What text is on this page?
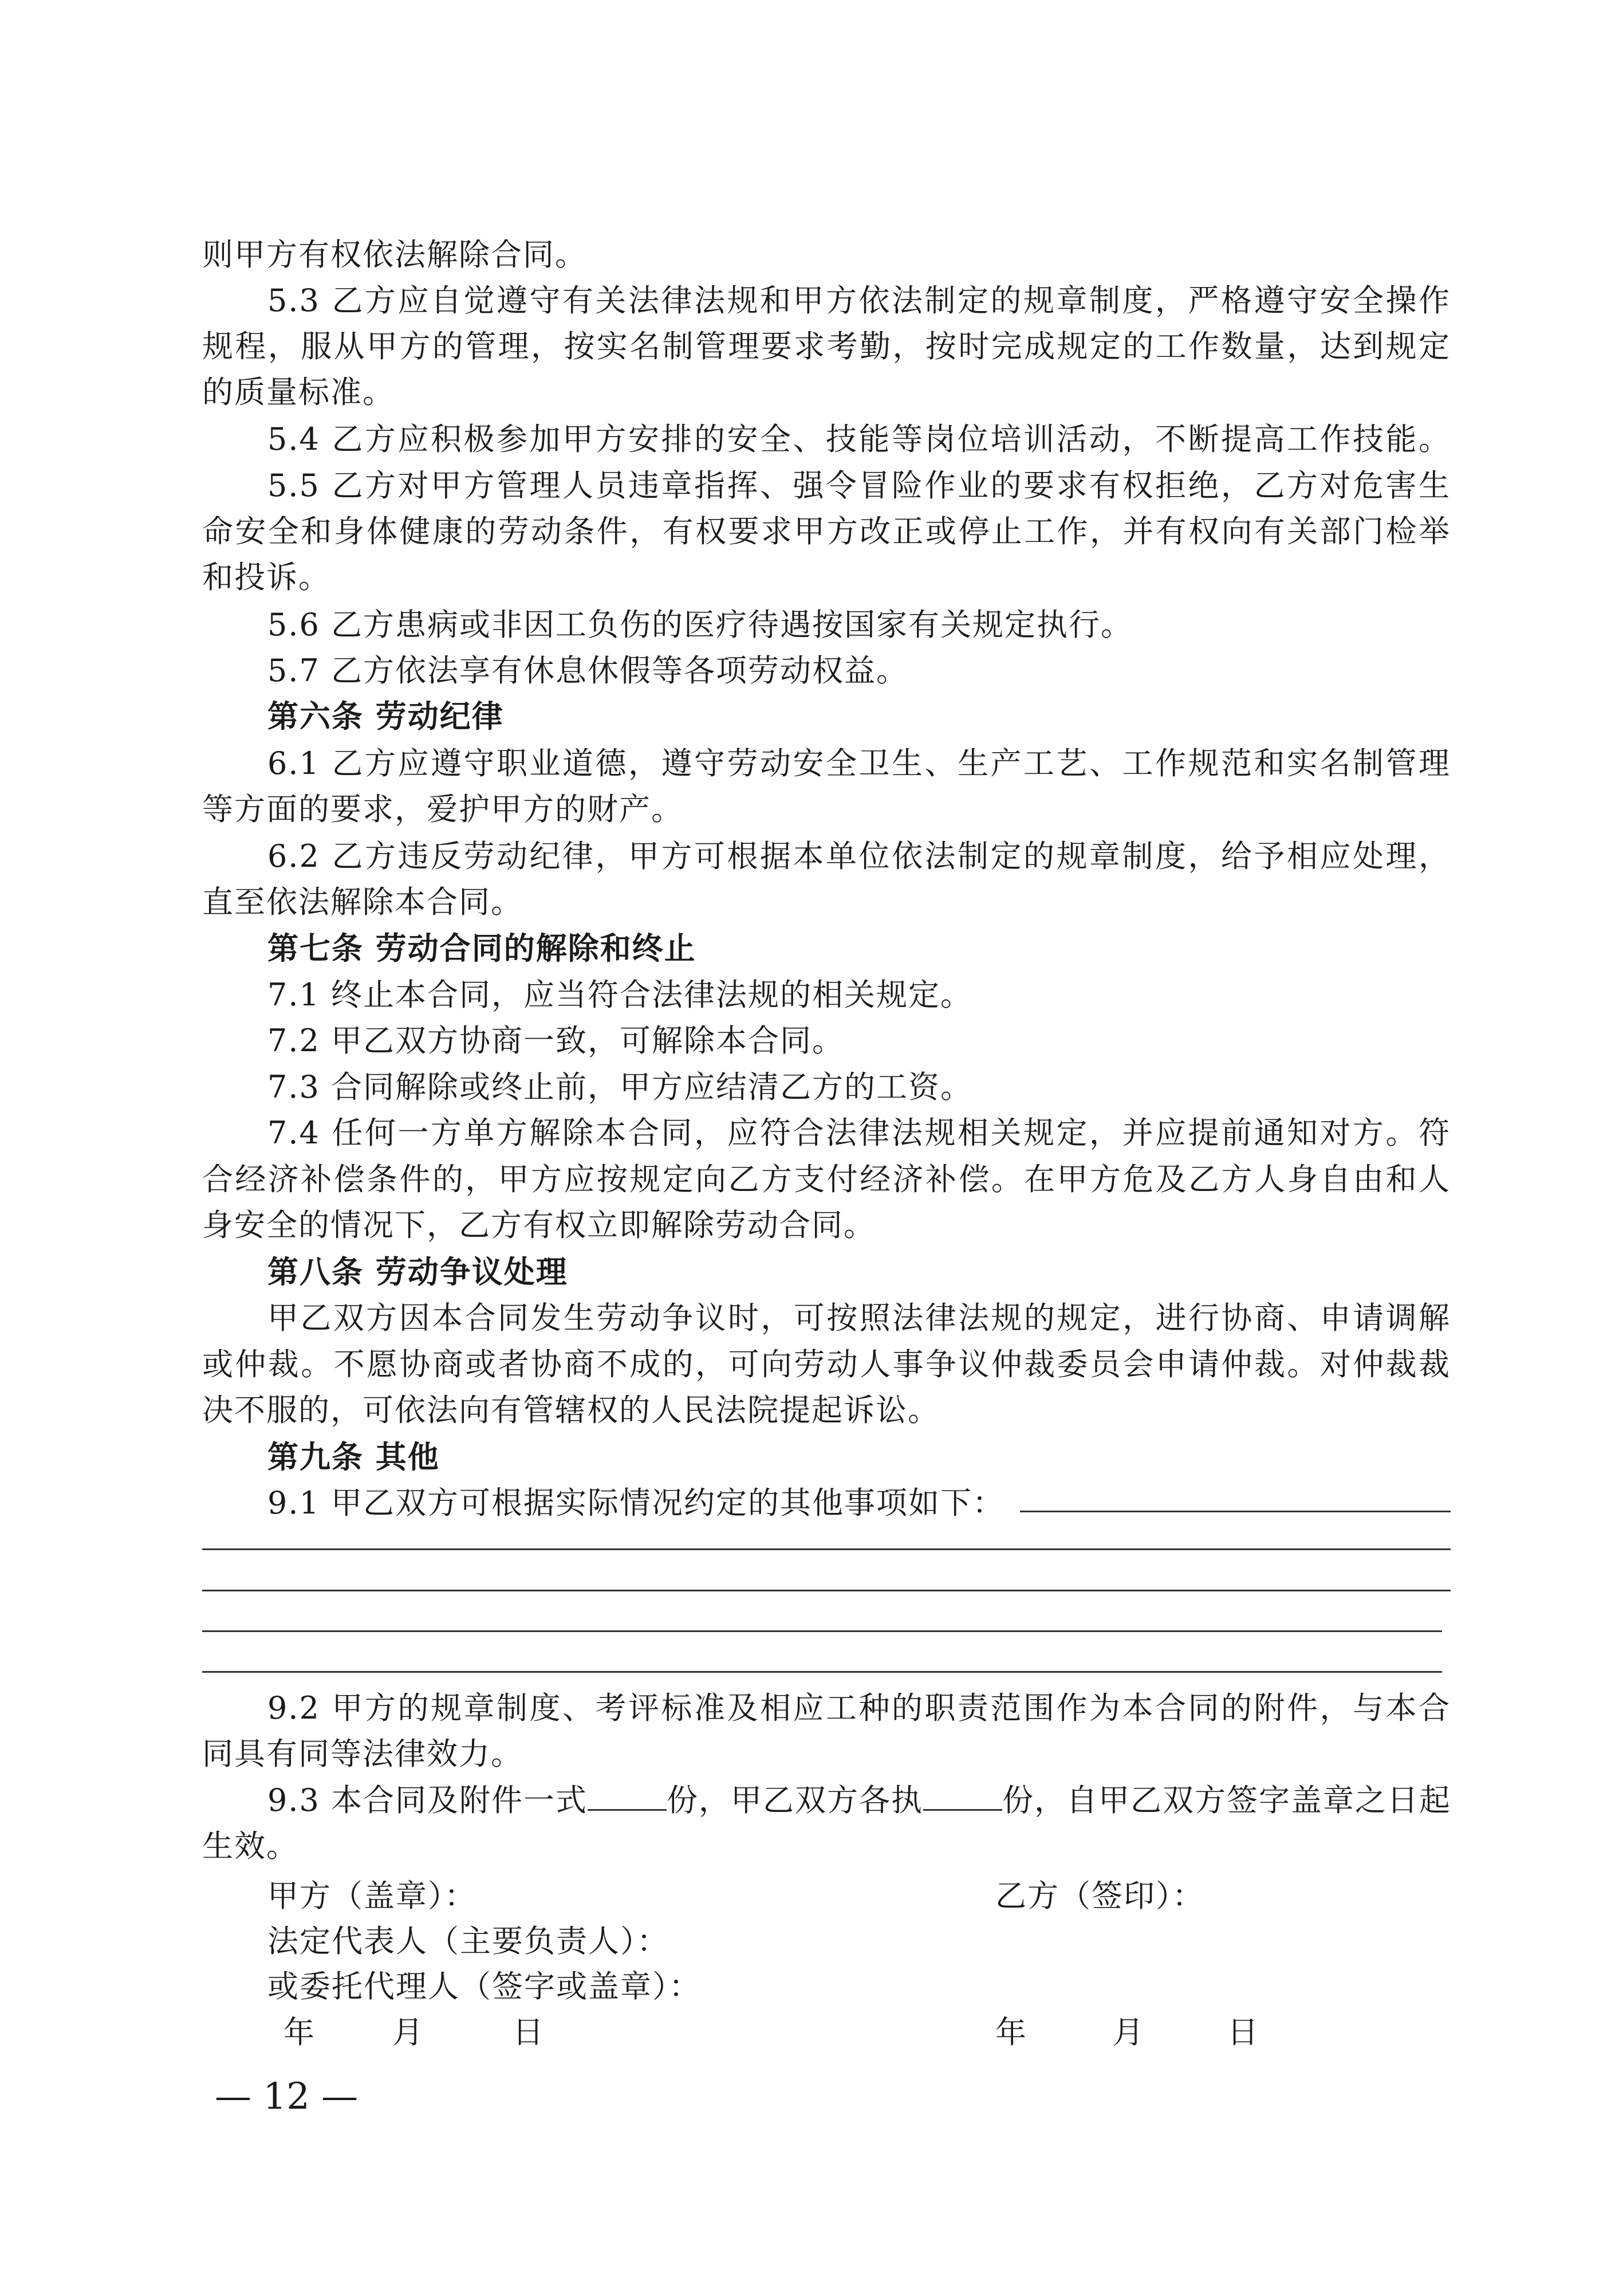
则甲方有权依法解除合同。
5.3 乙方应自觉遵守有关法律法规和甲方依法制定的规章制度，严格遵守安全操作
规程，服从甲方的管理，按实名制管理要求考勤，按时完成规定的工作数量，达到规定
的质量标准。
5.4 乙方应积极参加甲方安排的安全、技能等岗位培训活动，不断提高工作技能。
5.5 乙方对甲方管理人员违章指挥、强令冒险作业的要求有权拒绝，乙方对危害生
命安全和身体健康的劳动条件，有权要求甲方改正或停止工作，并有权向有关部门检举
和投诉。
5.6 乙方患病或非因工负伤的医疗待遇按国家有关规定执行。
5.7 乙方依法享有休息休假等各项劳动权益。
第六条 劳动纪律
6.1 乙方应遵守职业道德，遵守劳动安全卫生、生产工艺、工作规范和实名制管理
等方面的要求，爱护甲方的财产。
6.2 乙方违反劳动纪律，甲方可根据本单位依法制定的规章制度，给予相应处理，
直至依法解除本合同。
第七条 劳动合同的解除和终止
7.1 终止本合同，应当符合法律法规的相关规定。
7.2 甲乙双方协商一致，可解除本合同。
7.3 合同解除或终止前，甲方应结清乙方的工资。
7.4 任何一方单方解除本合同，应符合法律法规相关规定，并应提前通知对方。符
合经济补偿条件的，甲方应按规定向乙方支付经济补偿。在甲方危及乙方人身自由和人
身安全的情况下，乙方有权立即解除劳动合同。
第八条 劳动争议处理
甲乙双方因本合同发生劳动争议时，可按照法律法规的规定，进行协商、申请调解
或仲裁。不愿协商或者协商不成的，可向劳动人事争议仲裁委员会申请仲裁。对仲裁裁
决不服的，可依法向有管辖权的人民法院提起诉讼。
第九条 其他
9.1 甲乙双方可根据实际情况约定的其他事项如下：
9.2 甲方的规章制度、考评标准及相应工种的职责范围作为本合同的附件，与本合
同具有同等法律效力。
9.3 本合同及附件一式	份，甲乙双方各执	份，自甲乙双方签字盖章之日起
生效。
甲方（盖章）：	乙方（签印）：
法定代表人（主要负责人）：
或委托代理人（签字或盖章）：
年 月	日	年	月	日
— 12 —
